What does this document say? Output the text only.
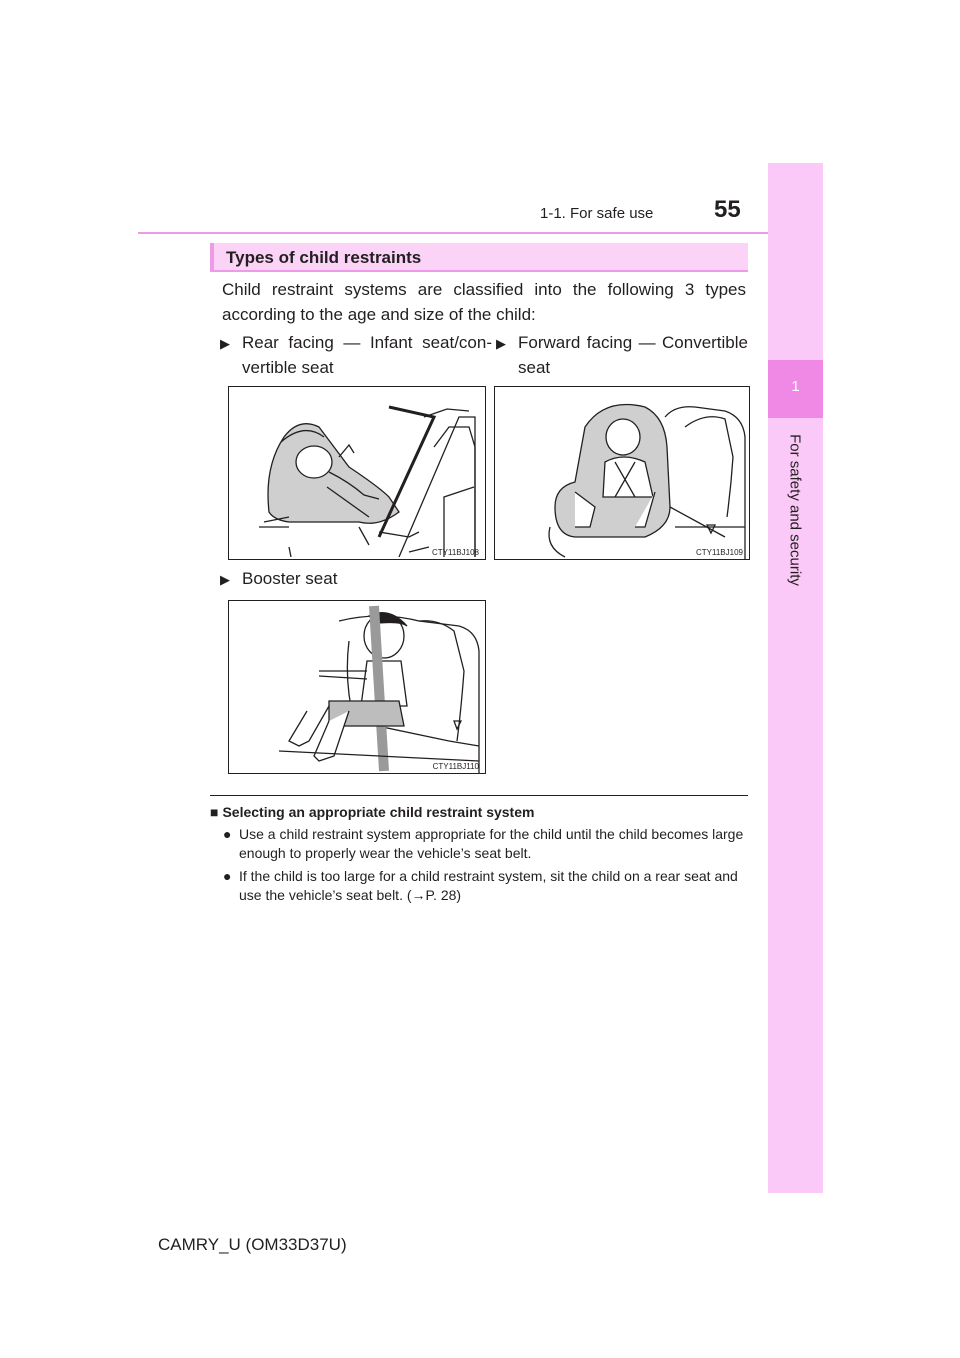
1-1. For safe use	55
1
For safety and security
Types of child restraints
Child restraint systems are classified into the following 3 types according to the age and size of the child:
▶ Rear facing — Infant seat/con-vertible seat
▶ Forward facing — Convertible seat
CTY11BJ108	CTY11BJ109
▶ Booster seat
CTY11BJ110
■ Selecting an appropriate child restraint system
● Use a child restraint system appropriate for the child until the child becomes large enough to properly wear the vehicle’s seat belt.
● If the child is too large for a child restraint system, sit the child on a rear seat and use the vehicle’s seat belt. (→P. 28)
CAMRY_U (OM33D37U)
